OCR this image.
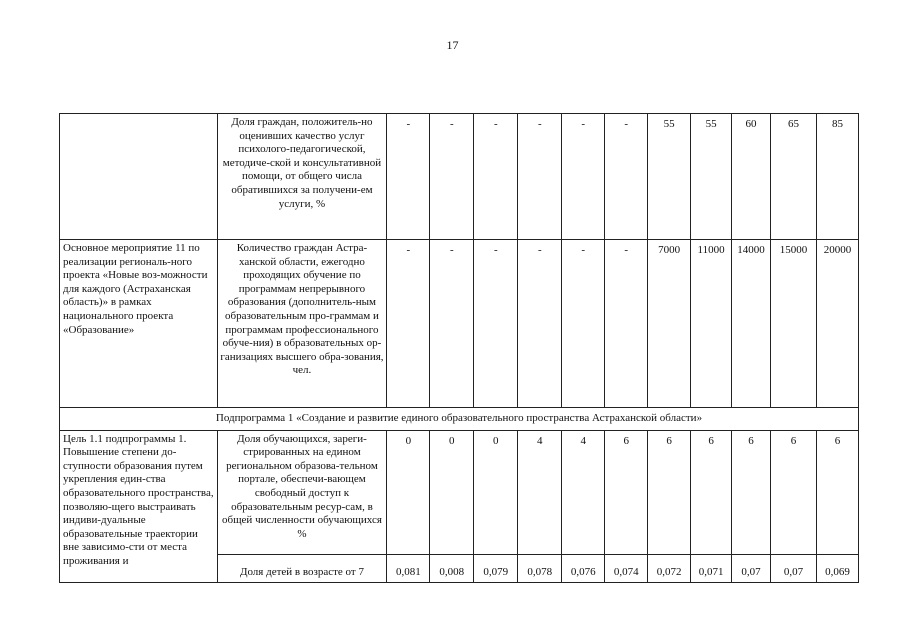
17
	Доля граждан, положитель-но оценивших качество услуг психолого-педагогической, методиче-ской и консультативной помощи, от общего числа обратившихся за получени-ем услуги, %	-	-	-	-	-	-	55	55	60	65	85
Основное мероприятие 11 по реализации региональ-ного проекта «Новые воз-можности для каждого (Астраханская область)» в рамках национального проекта «Образование»	Количество граждан Астра-ханской области, ежегодно проходящих обучение по программам непрерывного образования (дополнитель-ным образовательным про-граммам и программам профессионального обуче-ния) в образовательных ор-ганизациях высшего обра-зования, чел.	-	-	-	-	-	-	7000	11000	14000	15000	20000
Подпрограмма 1 «Создание и развитие единого образовательного пространства Астраханской области»												
Цель 1.1 подпрограммы 1. Повышение степени до-ступности образования путем укрепления един-ства образовательного пространства, позволяю-щего выстраивать индиви-дуальные образовательные траектории вне зависимо-сти от места проживания и	Доля обучающихся, зареги-стрированных на едином региональном образова-тельном портале, обеспечи-вающем свободный доступ к образовательным ресур-сам, в общей численности обучающихся %	0	0	0	4	4	6	6	6	6	6	6
	Доля детей в возрасте от 7	0,081	0,008	0,079	0,078	0,076	0,074	0,072	0,071	0,07	0,07	0,069
